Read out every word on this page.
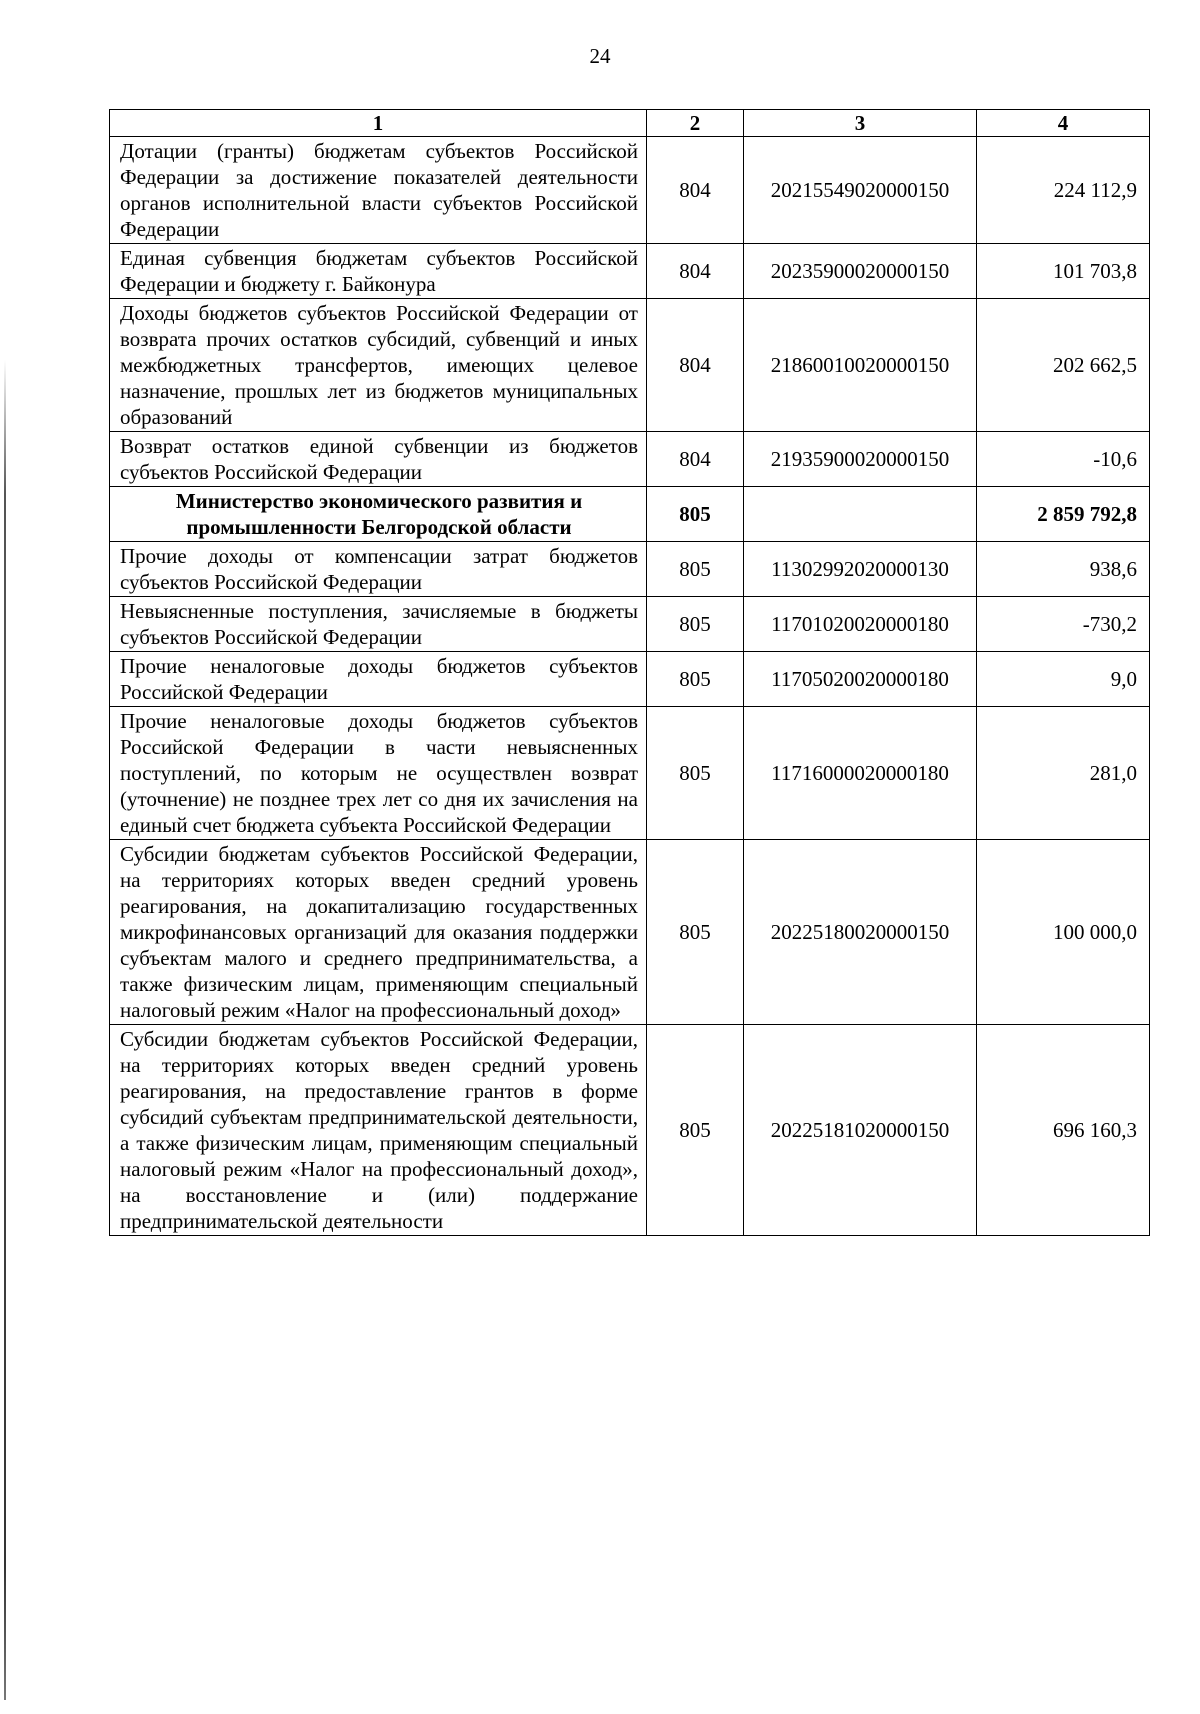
24
1	2	3	4
Дотации (гранты) бюджетам субъектов Российской Федерации за достижение показателей деятельности органов исполнительной власти субъектов Российской Федерации	804	20215549020000150	224 112,9
Единая субвенция бюджетам субъектов Российской Федерации и бюджету г. Байконура	804	20235900020000150	101 703,8
Доходы бюджетов субъектов Российской Федерации от возврата прочих остатков субсидий, субвенций и иных межбюджетных трансфертов, имеющих целевое назначение, прошлых лет из бюджетов муниципальных образований	804	21860010020000150	202 662,5
Возврат остатков единой субвенции из бюджетов субъектов Российской Федерации	804	21935900020000150	-10,6
Министерство экономического развития и промышленности Белгородской области	805		2 859 792,8
Прочие доходы от компенсации затрат бюджетов субъектов Российской Федерации	805	11302992020000130	938,6
Невыясненные поступления, зачисляемые в бюджеты субъектов Российской Федерации	805	11701020020000180	-730,2
Прочие неналоговые доходы бюджетов субъектов Российской Федерации	805	11705020020000180	9,0
Прочие неналоговые доходы бюджетов субъектов Российской Федерации в части невыясненных поступлений, по которым не осуществлен возврат (уточнение) не позднее трех лет со дня их зачисления на единый счет бюджета субъекта Российской Федерации	805	11716000020000180	281,0
Субсидии бюджетам субъектов Российской Федерации, на территориях которых введен средний уровень реагирования, на докапитализацию государственных микрофинансовых организаций для оказания поддержки субъектам малого и среднего предпринимательства, а также физическим лицам, применяющим специальный налоговый режим «Налог на профессиональный доход»	805	20225180020000150	100 000,0
Субсидии бюджетам субъектов Российской Федерации, на территориях которых введен средний уровень реагирования, на предоставление грантов в форме субсидий субъектам предпринимательской деятельности, а также физическим лицам, применяющим специальный налоговый режим «Налог на профессиональный доход», на восстановление и (или) поддержание предпринимательской деятельности	805	20225181020000150	696 160,3
